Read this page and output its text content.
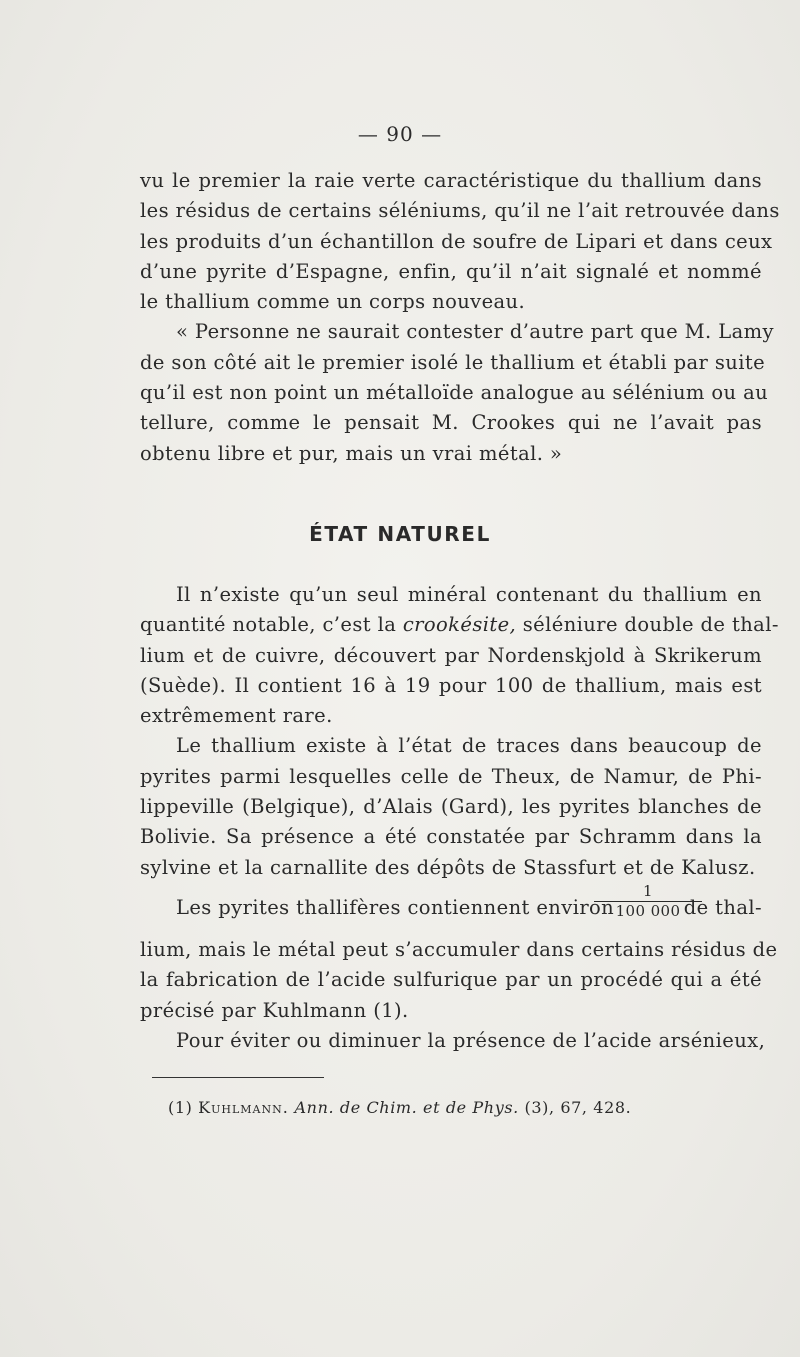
— 90 —
vu le premier la raie verte caractéristique du thallium dans
les résidus de certains séléniums, qu’il ne l’ait retrouvée dans
les produits d’un échantillon de soufre de Lipari et dans ceux
d’une pyrite d’Espagne, enfin, qu’il n’ait signalé et nommé
le thallium comme un corps nouveau.
« Personne ne saurait contester d’autre part que M. Lamy
de son côté ait le premier isolé le thallium et établi par suite
qu’il est non point un métalloïde analogue au sélénium ou au
tellure, comme le pensait M. Crookes qui ne l’avait pas
obtenu libre et pur, mais un vrai métal. »
ÉTAT NATUREL
Il n’existe qu’un seul minéral contenant du thallium en
quantité notable, c’est la crookésite, séléniure double de thal-
lium et de cuivre, découvert par Nordenskjold à Skrikerum
(Suède). Il contient 16 à 19 pour 100 de thallium, mais est
extrêmement rare.
Le thallium existe à l’état de traces dans beaucoup de
pyrites parmi lesquelles celle de Theux, de Namur, de Phi-
lippeville (Belgique), d’Alais (Gard), les pyrites blanches de
Bolivie. Sa présence a été constatée par Schramm dans la
sylvine et la carnallite des dépôts de Stassfurt et de Kalusz.
Les pyrites thallifères contiennent environ
$\frac{1}{100 000}$
de thal-
lium, mais le métal peut s’accumuler dans certains résidus de
la fabrication de l’acide sulfurique par un procédé qui a été
précisé par Kuhlmann (1).
Pour éviter ou diminuer la présence de l’acide arsénieux,
(1) Kuhlmann. Ann. de Chim. et de Phys. (3), 67, 428.
